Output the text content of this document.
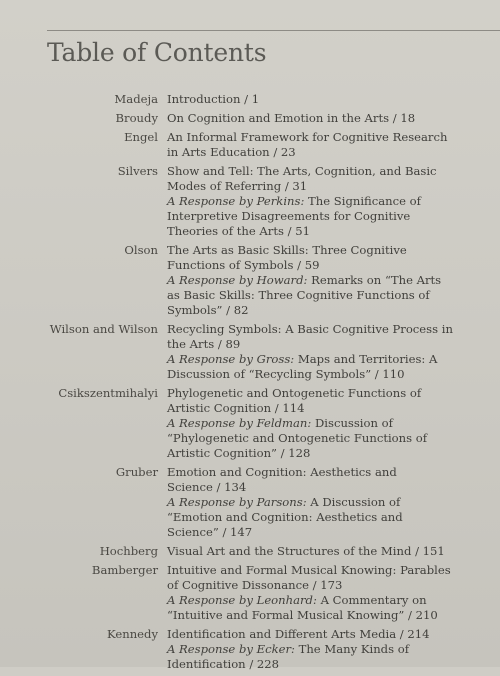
Table of Contents
Madeja Introduction / 1
Broudy On Cognition and Emotion in the Arts / 18
Engel An Informal Framework for Cognitive Research
in Arts Education / 23
Silvers Show and Tell: The Arts, Cognition, and Basic
Modes of Referring / 31
A Response by Perkins: The Significance of
Interpretive Disagreements for Cognitive
Theories of the Arts / 51
Olson The Arts as Basic Skills: Three Cognitive
Functions of Symbols / 59
A Response by Howard: Remarks on “The Arts
as Basic Skills: Three Cognitive Functions of
Symbols” / 82
Wilson and Wilson Recycling Symbols: A Basic Cognitive Process in
the Arts / 89
A Response by Gross: Maps and Territories: A
Discussion of “Recycling Symbols” / 110
Csikszentmihalyi Phylogenetic and Ontogenetic Functions of
Artistic Cognition / 114
A Response by Feldman: Discussion of
“Phylogenetic and Ontogenetic Functions of
Artistic Cognition” / 128
Gruber Emotion and Cognition: Aesthetics and
Science / 134
A Response by Parsons: A Discussion of
“Emotion and Cognition: Aesthetics and
Science” / 147
Hochberg Visual Art and the Structures of the Mind / 151
Bamberger Intuitive and Formal Musical Knowing: Parables
of Cognitive Dissonance / 173
A Response by Leonhard: A Commentary on
“Intuitive and Formal Musical Knowing” / 210
Kennedy Identification and Different Arts Media / 214
A Response by Ecker: The Many Kinds of
Identification / 228
